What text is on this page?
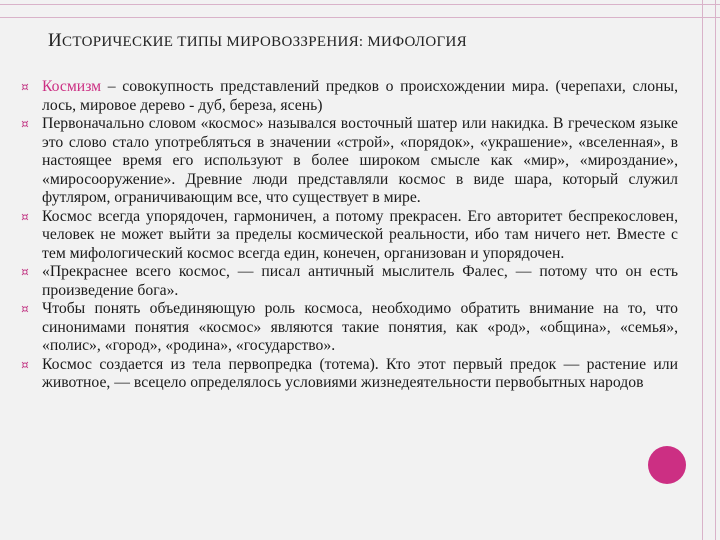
ИСТОРИЧЕСКИЕ ТИПЫ МИРОВОЗЗРЕНИЯ: МИФОЛОГИЯ
¤ Космизм – совокупность представлений предков о происхождении мира. (черепахи, слоны, лось, мировое дерево - дуб, береза, ясень)
¤ Первоначально словом «космос» назывался восточный шатер или накидка. В греческом языке это слово стало употребляться в значении «строй», «порядок», «украшение», «вселенная», в настоящее время его используют в более широком смысле как «мир», «мироздание», «миросооружение». Древние люди представляли космос в виде шара, который служил футляром, ограничивающим все, что существует в мире.
¤ Космос всегда упорядочен, гармоничен, а потому прекрасен. Его авторитет беспрекословен, человек не может выйти за пределы космической реальности, ибо там ничего нет. Вместе с тем мифологический космос всегда един, конечен, организован и упорядочен.
¤ «Прекраснее всего космос, — писал античный мыслитель Фалес, — потому что он есть произведение бога».
¤ Чтобы понять объединяющую роль космоса, необходимо обратить внимание на то, что синонимами понятия «космос» являются такие понятия, как «род», «община», «семья», «полис», «город», «родина», «государство».
¤ Космос создается из тела первопредка (тотема). Кто этот первый предок — растение или животное, — всецело определялось условиями жизнедеятельности первобытных народов
